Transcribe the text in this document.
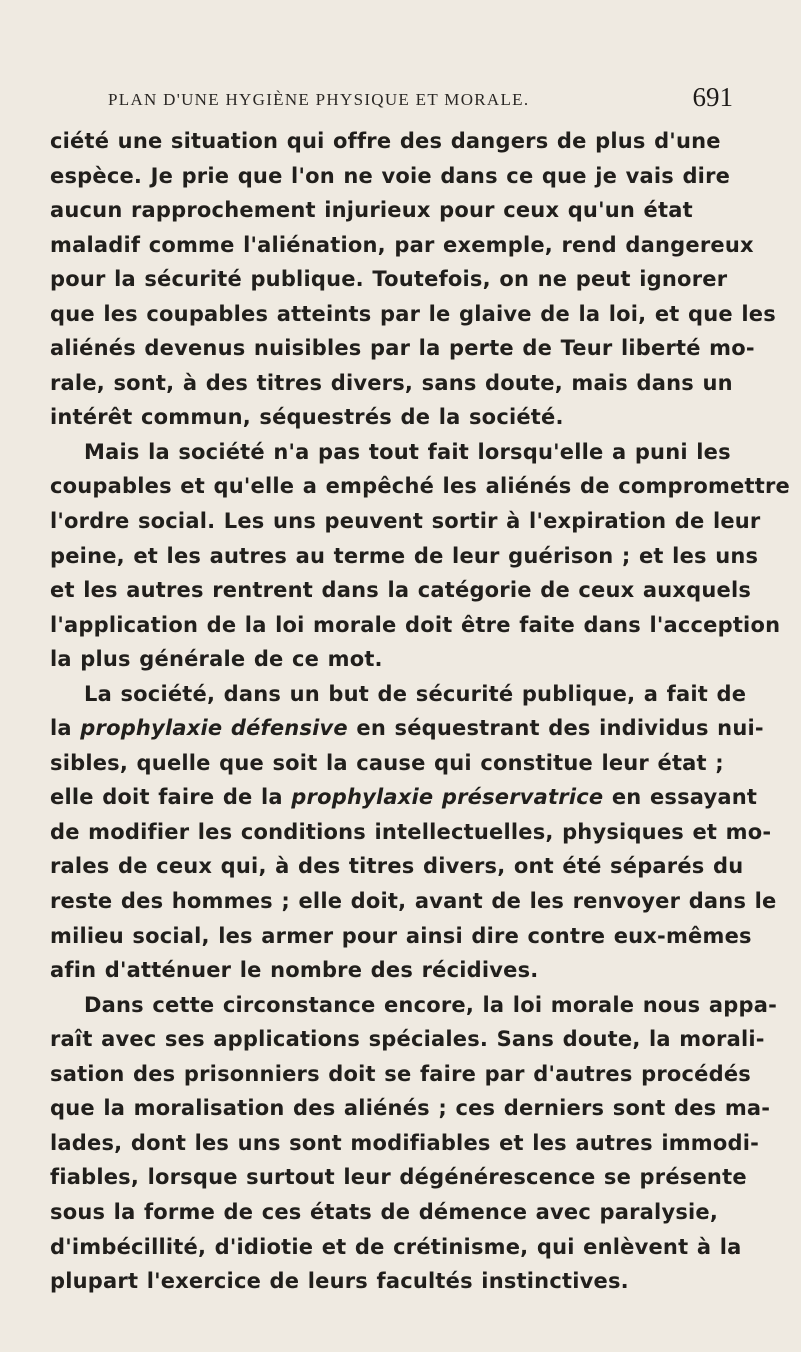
PLAN D'UNE HYGIÈNE PHYSIQUE ET MORALE.	691
ciété une situation qui offre des dangers de plus d'une
espèce. Je prie que l'on ne voie dans ce que je vais dire
aucun rapprochement injurieux pour ceux qu'un état
maladif comme l'aliénation, par exemple, rend dangereux
pour la sécurité publique. Toutefois, on ne peut ignorer
que les coupables atteints par le glaive de la loi, et que les
aliénés devenus nuisibles par la perte de Teur liberté mo-
rale, sont, à des titres divers, sans doute, mais dans un
intérêt commun, séquestrés de la société.
Mais la société n'a pas tout fait lorsqu'elle a puni les
coupables et qu'elle a empêché les aliénés de compromettre
l'ordre social. Les uns peuvent sortir à l'expiration de leur
peine, et les autres au terme de leur guérison ; et les uns
et les autres rentrent dans la catégorie de ceux auxquels
l'application de la loi morale doit être faite dans l'acception
la plus générale de ce mot.
La société, dans un but de sécurité publique, a fait de
la prophylaxie défensive en séquestrant des individus nui-
sibles, quelle que soit la cause qui constitue leur état ;
elle doit faire de la prophylaxie préservatrice en essayant
de modifier les conditions intellectuelles, physiques et mo-
rales de ceux qui, à des titres divers, ont été séparés du
reste des hommes ; elle doit, avant de les renvoyer dans le
milieu social, les armer pour ainsi dire contre eux-mêmes
afin d'atténuer le nombre des récidives.
Dans cette circonstance encore, la loi morale nous appa-
raît avec ses applications spéciales. Sans doute, la morali-
sation des prisonniers doit se faire par d'autres procédés
que la moralisation des aliénés ; ces derniers sont des ma-
lades, dont les uns sont modifiables et les autres immodi-
fiables, lorsque surtout leur dégénérescence se présente
sous la forme de ces états de démence avec paralysie,
d'imbécillité, d'idiotie et de crétinisme, qui enlèvent à la
plupart l'exercice de leurs facultés instinctives.
